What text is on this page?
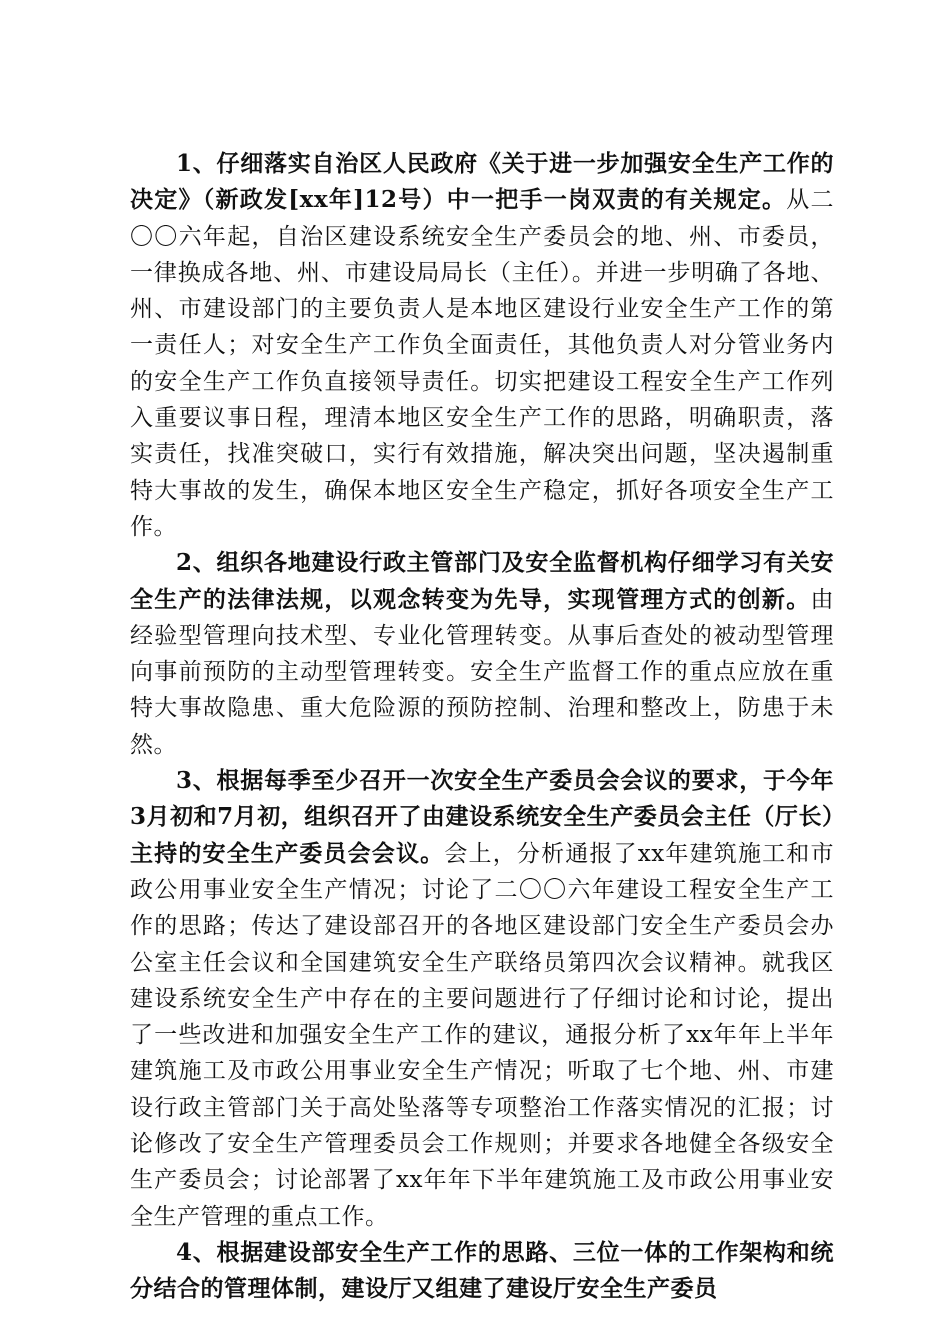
1、仔细落实自治区人民政府《关于进一步加强安全生产工作的决定》（新政发[xx年]12号）中一把手一岗双责的有关规定。从二〇〇六年起，自治区建设系统安全生产委员会的地、州、市委员，一律换成各地、州、市建设局局长（主任）。并进一步明确了各地、州、市建设部门的主要负责人是本地区建设行业安全生产工作的第一责任人；对安全生产工作负全面责任，其他负责人对分管业务内的安全生产工作负直接领导责任。切实把建设工程安全生产工作列入重要议事日程，理清本地区安全生产工作的思路，明确职责，落实责任，找准突破口，实行有效措施，解决突出问题，坚决遏制重特大事故的发生，确保本地区安全生产稳定，抓好各项安全生产工作。

2、组织各地建设行政主管部门及安全监督机构仔细学习有关安全生产的法律法规，以观念转变为先导，实现管理方式的创新。由经验型管理向技术型、专业化管理转变。从事后查处的被动型管理向事前预防的主动型管理转变。安全生产监督工作的重点应放在重特大事故隐患、重大危险源的预防控制、治理和整改上，防患于未然。

3、根据每季至少召开一次安全生产委员会会议的要求，于今年3月初和7月初，组织召开了由建设系统安全生产委员会主任（厅长）主持的安全生产委员会会议。会上，分析通报了xx年建筑施工和市政公用事业安全生产情况；讨论了二〇〇六年建设工程安全生产工作的思路；传达了建设部召开的各地区建设部门安全生产委员会办公室主任会议和全国建筑安全生产联络员第四次会议精神。就我区建设系统安全生产中存在的主要问题进行了仔细讨论和讨论，提出了一些改进和加强安全生产工作的建议，通报分析了xx年年上半年建筑施工及市政公用事业安全生产情况；听取了七个地、州、市建设行政主管部门关于高处坠落等专项整治工作落实情况的汇报；讨论修改了安全生产管理委员会工作规则；并要求各地健全各级安全生产委员会；讨论部署了xx年年下半年建筑施工及市政公用事业安全生产管理的重点工作。

4、根据建设部安全生产工作的思路、三位一体的工作架构和统分结合的管理体制，建设厅又组建了建设厅安全生产委员
